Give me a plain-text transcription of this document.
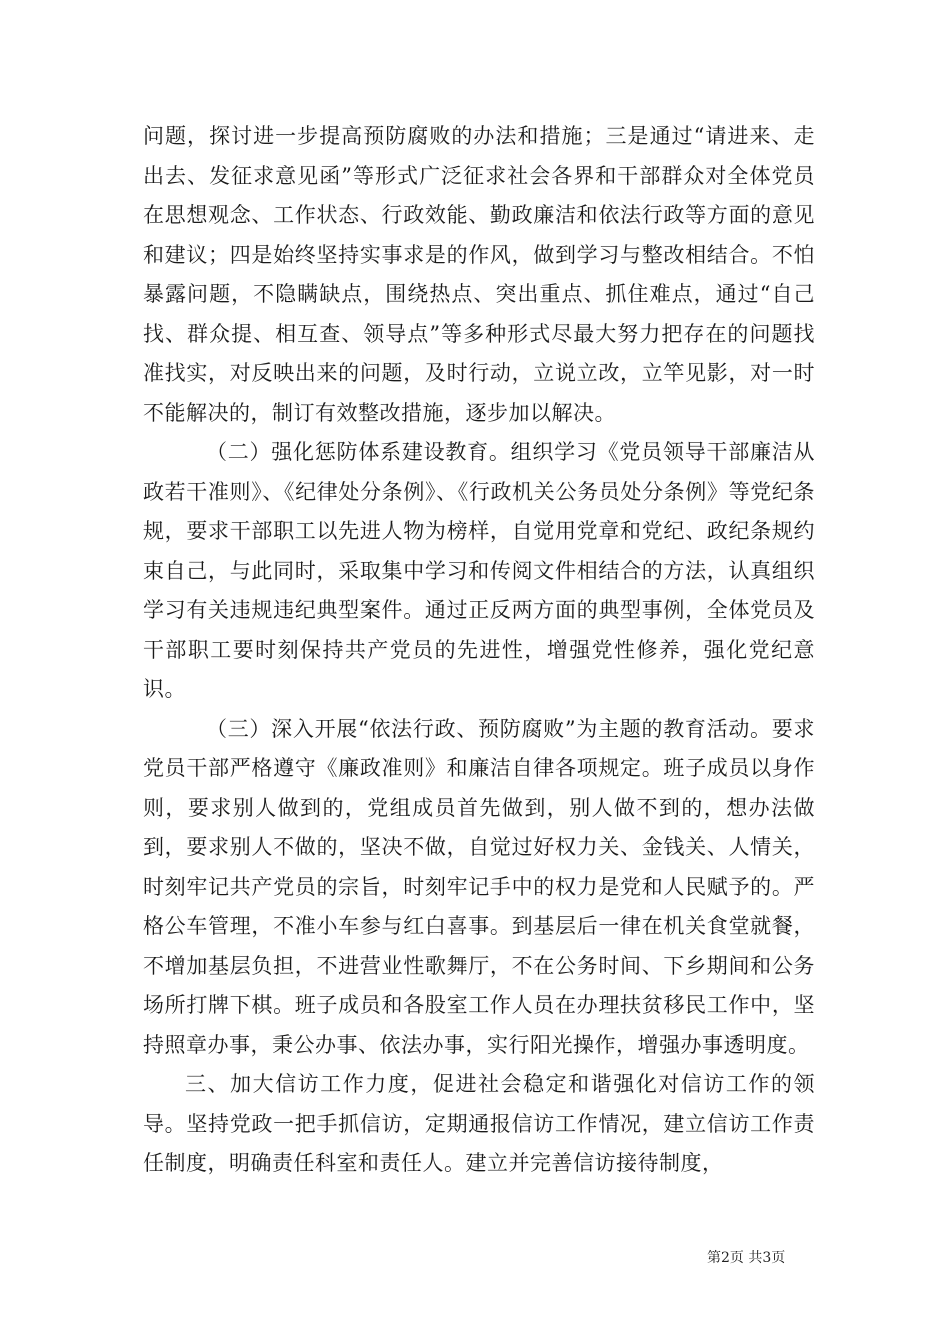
问题，探讨进一步提高预防腐败的办法和措施；三是通过“请进来、走出去、发征求意见函”等形式广泛征求社会各界和干部群众对全体党员在思想观念、工作状态、行政效能、勤政廉洁和依法行政等方面的意见和建议；四是始终坚持实事求是的作风，做到学习与整改相结合。不怕暴露问题，不隐瞒缺点，围绕热点、突出重点、抓住难点，通过“自己找、群众提、相互查、领导点”等多种形式尽最大努力把存在的问题找准找实，对反映出来的问题，及时行动，立说立改，立竿见影，对一时不能解决的，制订有效整改措施，逐步加以解决。

（二）强化惩防体系建设教育。组织学习《党员领导干部廉洁从政若干准则》、《纪律处分条例》、《行政机关公务员处分条例》等党纪条规，要求干部职工以先进人物为榜样，自觉用党章和党纪、政纪条规约束自己，与此同时，采取集中学习和传阅文件相结合的方法，认真组织学习有关违规违纪典型案件。通过正反两方面的典型事例，全体党员及干部职工要时刻保持共产党员的先进性，增强党性修养，强化党纪意识。

（三）深入开展“依法行政、预防腐败”为主题的教育活动。要求党员干部严格遵守《廉政准则》和廉洁自律各项规定。班子成员以身作则，要求别人做到的，党组成员首先做到，别人做不到的，想办法做到，要求别人不做的，坚决不做，自觉过好权力关、金钱关、人情关，时刻牢记共产党员的宗旨，时刻牢记手中的权力是党和人民赋予的。严格公车管理，不准小车参与红白喜事。到基层后一律在机关食堂就餐，不增加基层负担，不进营业性歌舞厅，不在公务时间、下乡期间和公务场所打牌下棋。班子成员和各股室工作人员在办理扶贫移民工作中，坚持照章办事，秉公办事、依法办事，实行阳光操作，增强办事透明度。

三、加大信访工作力度，促进社会稳定和谐强化对信访工作的领导。坚持党政一把手抓信访，定期通报信访工作情况，建立信访工作责任制度，明确责任科室和责任人。建立并完善信访接待制度，

第2页 共3页
